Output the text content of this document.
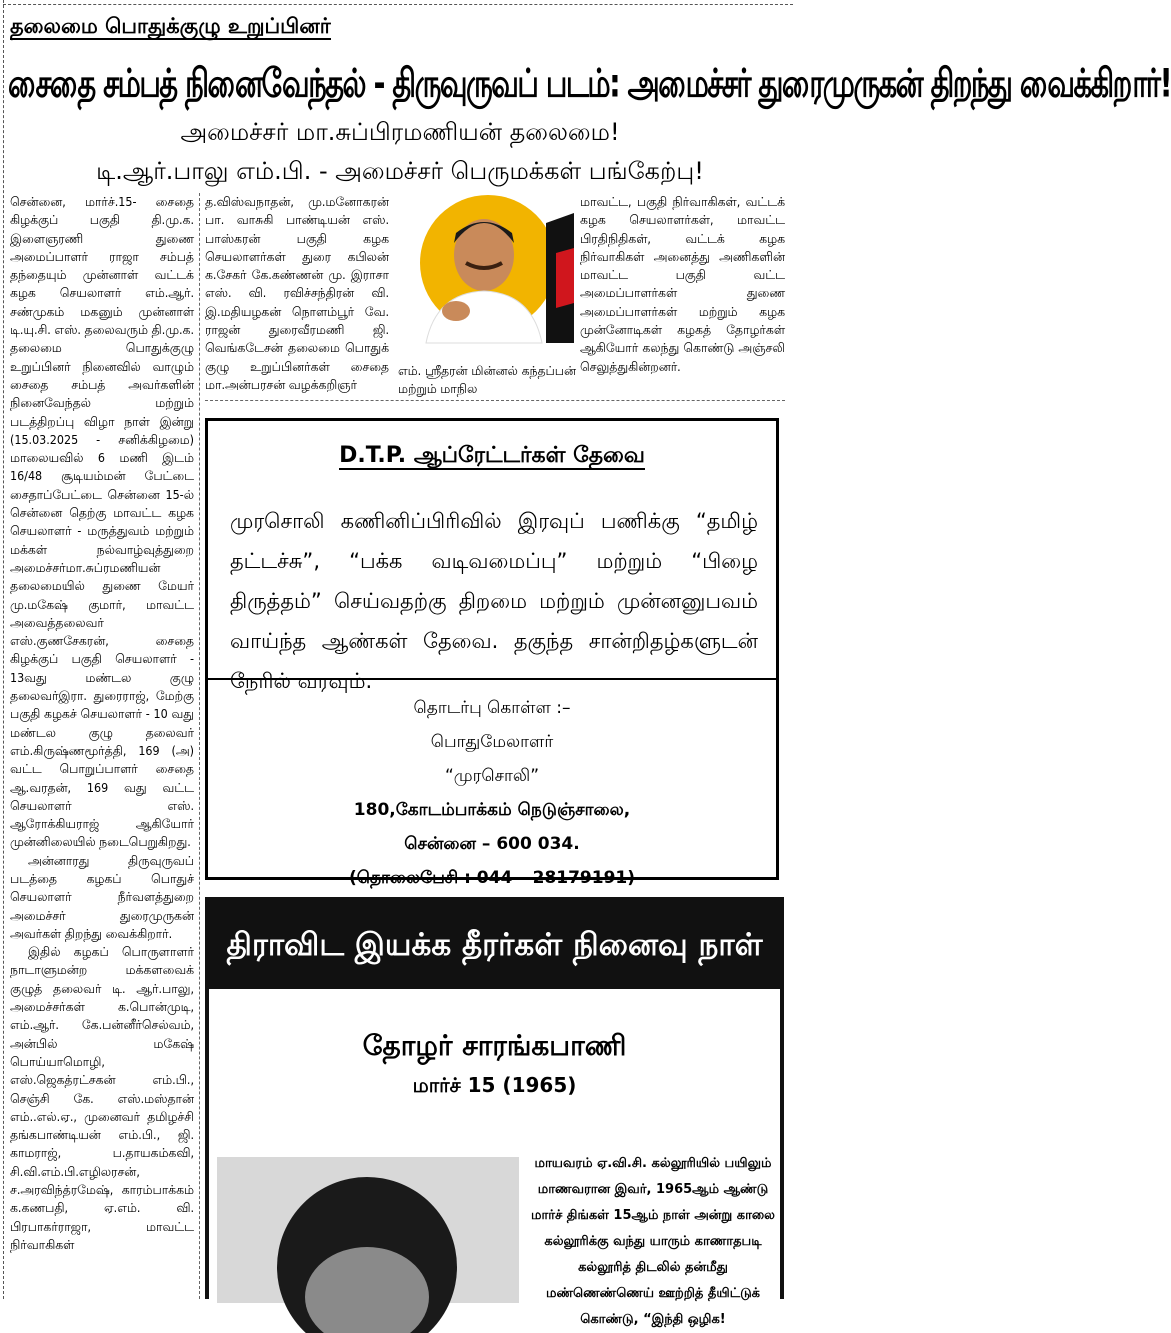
தலைமை பொதுக்குழு உறுப்பினர்
சைதை சம்பத் நினைவேந்தல் - திருவுருவப் படம்: அமைச்சர் துரைமுருகன் திறந்து வைக்கிறார்!
அமைச்சர் மா.சுப்பிரமணியன் தலைமை!
டி.ஆர்.பாலு எம்.பி. - அமைச்சர் பெருமக்கள் பங்கேற்பு!

சென்னை, மார்ச்.15- சைதை கிழக்குப் பகுதி தி.மு.க. இளைஞரணி துணை அமைப்பாளர் ராஜா சம்பத் தந்தையும் முன்னாள் வட்டக் கழக செயலாளர் எம்.ஆர். சண்முகம் மகனும் முன்னாள் டி.யு.சி. எஸ். தலைவரும் தி.மு.க. தலைமை பொதுக்குழு உறுப்பினர் நினைவில் வாழும் சைதை சம்பத் அவர்களின் நினைவேந்தல் மற்றும் படத்திறப்பு விழா நாள் இன்று (15.03.2025 - சனிக்கிழமை) மாலையவில் 6 மணி இடம் 16/48 சூடியம்மன் பேட்டை சைதாப்பேட்டை சென்னை 15-ல் சென்னை தெற்கு மாவட்ட கழக செயலாளர் - மருத்துவம் மற்றும் மக்கள் நல்வாழ்வுத்துறை அமைச்சர்மா.சுப்ரமணியன் தலைமையில் துணை மேயர் மு.மகேஷ் குமார், மாவட்ட அவைத்தலைவர் எஸ்.குணசேகரன், சைதை கிழக்குப் பகுதி செயலாளர் - 13வது மண்டல குழு தலைவர்இரா. துரைராஜ், மேற்கு பகுதி கழகச் செயலாளர் - 10 வது மண்டல குழு தலைவர் எம்.கிருஷ்ணமூர்த்தி, 169 (அ) வட்ட பொறுப்பாளர் சைதை ஆ.வரதன், 169 வது வட்ட செயலாளர் எஸ். ஆரோக்கியராஜ் ஆகியோர் முன்னிலையில் நடைபெறுகிறது.

அன்னாரது திருவுருவப் படத்தை கழகப் பொதுச் செயலாளர் நீர்வளத்துறை அமைச்சர் துரைமுருகன் அவர்கள் திறந்து வைக்கிறார்.

இதில் கழகப் பொருளாளர் நாடாளுமன்ற மக்களவைக் குழுத் தலைவர் டி. ஆர்.பாலு, அமைச்சர்கள் க.பொன்முடி, எம்.ஆர். கே.பன்னீர்செல்வம், அன்பில் மகேஷ் பொய்யாமொழி, எஸ்.ஜெகத்ரட்சகன் எம்.பி., செஞ்சி கே. எஸ்.மஸ்தான் எம்..எல்.ஏ., முனைவர் தமிழச்சி தங்கபாண்டியன் எம்.பி., ஜி. காமராஜ், ப.தாயகம்கவி, சி.வி.எம்.பி.எழிலரசன், ச.அரவிந்த்ரமேஷ், காரம்பாக்கம் க.கணபதி, ஏ.எம். வி. பிரபாகர்ராஜா, மாவட்ட நிர்வாகிகள்

த.விஸ்வநாதன், மு.மனோகரன் பா. வாசுகி பாண்டியன் எஸ். பாஸ்கரன் பகுதி கழக செயலாளர்கள் துரை கபிலன் க.சேகர் கே.கண்ணன் மு. இராசா எஸ். வி. ரவிச்சந்திரன் வி. இ.மதியழகன் நொளம்பூர் வே. ராஜன் துரைவீரமணி ஜி. வெங்கடேசன் தலைமை பொதுக் குழு உறுப்பினர்கள் சைதை மா.அன்பரசன் வழக்கறிஞர்

எம். ஸ்ரீதரன் மின்னல் கந்தப்பன் மற்றும் மாநில

மாவட்ட, பகுதி நிர்வாகிகள், வட்டக் கழக செயலாளர்கள், மாவட்ட பிரதிநிதிகள், வட்டக் கழக நிர்வாகிகள் அனைத்து அணிகளின் மாவட்ட பகுதி வட்ட அமைப்பாளர்கள் துணை அமைப்பாளர்கள் மற்றும் கழக முன்னோடிகள் கழகத் தோழர்கள் ஆகியோர் கலந்து கொண்டு அஞ்சலி செலுத்துகின்றனர்.

D.T.P. ஆப்ரேட்டர்கள் தேவை
முரசொலி கணினிப்பிரிவில் இரவுப் பணிக்கு “தமிழ் தட்டச்சு”, “பக்க வடிவமைப்பு” மற்றும் “பிழை திருத்தம்” செய்வதற்கு திறமை மற்றும் முன்னனுபவம் வாய்ந்த ஆண்கள் தேவை. தகுந்த சான்றிதழ்களுடன் நேரில் வரவும்.
தொடர்பு கொள்ள :–
பொதுமேலாளர்
“முரசொலி”
180,கோடம்பாக்கம் நெடுஞ்சாலை,
சென்னை – 600 034.
(தொலைபேசி : 044 – 28179191)
திராவிட இயக்க தீரர்கள் நினைவு நாள்
தோழர் சாரங்கபாணி
மார்ச் 15 (1965)
மாயவரம் ஏ.வி.சி. கல்லூரியில் பயிலும் மாணவரான இவர், 1965ஆம் ஆண்டு மார்ச் திங்கள் 15ஆம் நாள் அன்று காலை கல்லூரிக்கு வந்து யாரும் காணாதபடி கல்லூரித் திடலில் தன்மீது மண்ணெண்ணெய் ஊற்றித் தீயிட்டுக் கொண்டு, “இந்தி ஒழிக!
